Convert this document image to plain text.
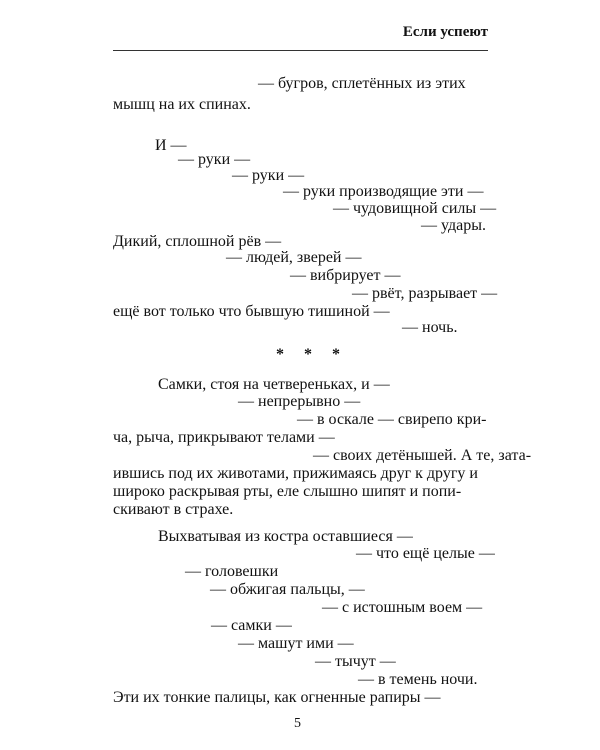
Если успеют
— бугров, сплетённых из этих
мышц на их спинах.
И —
— руки —
— руки —
— руки производящие эти —
— чудовищной силы —
— удары.
Дикий, сплошной рёв —
— людей, зверей —
— вибрирует —
— рвёт, разрывает —
ещё вот только что бывшую тишиной —
— ночь.
* * *
Самки, стоя на четвереньках, и —
— непрерывно —
— в оскале — свирепо кри-
ча, рыча, прикрывают телами —
— своих детёнышей. А те, зата-
ившись под их животами, прижимаясь друг к другу и
широко раскрывая рты, еле слышно шипят и попи-
скивают в страхе.
Выхватывая из костра оставшиеся —
— что ещё целые —
— головешки
— обжигая пальцы, —
— с истошным воем —
— самки —
— машут ими —
— тычут —
— в темень ночи.
Эти их тонкие палицы, как огненные рапиры —
5
